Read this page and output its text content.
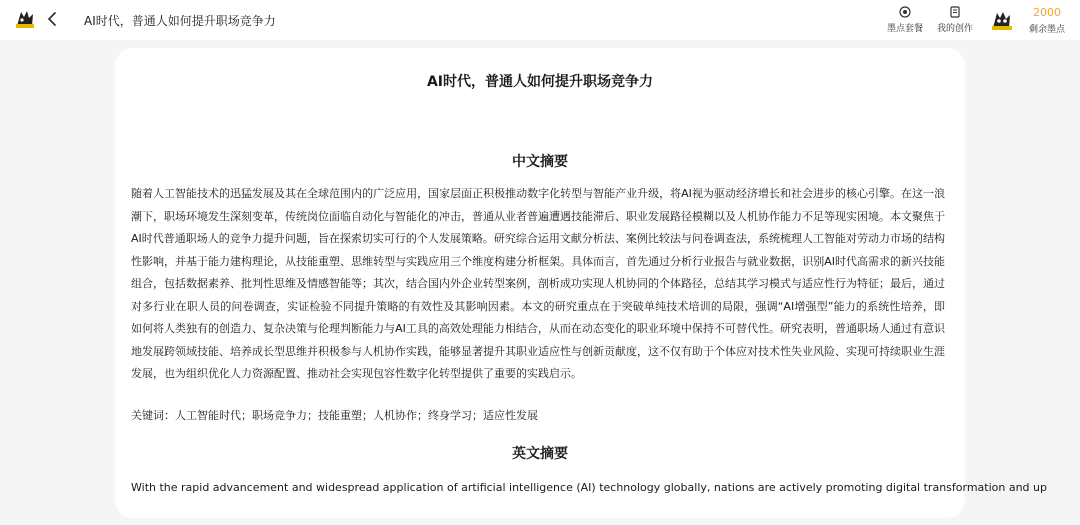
AI时代，普通人如何提升职场竞争力
墨点套餐	我的创作
2000
剩余墨点
AI时代，普通人如何提升职场竞争力
中文摘要

随着人工智能技术的迅猛发展及其在全球范围内的广泛应用，国家层面正积极推动数字化转型与智能产业升级，将AI视为驱动经济增长和社会进步的核心引擎。在这一浪潮下，职场环境发生深刻变革，传统岗位面临自动化与智能化的冲击，普通从业者普遍遭遇技能滞后、职业发展路径模糊以及人机协作能力不足等现实困境。本文聚焦于AI时代普通职场人的竞争力提升问题，旨在探索切实可行的个人发展策略。研究综合运用文献分析法、案例比较法与问卷调查法，系统梳理人工智能对劳动力市场的结构性影响，并基于能力建构理论，从技能重塑、思维转型与实践应用三个维度构建分析框架。具体而言，首先通过分析行业报告与就业数据，识别AI时代高需求的新兴技能组合，包括数据素养、批判性思维及情感智能等；其次，结合国内外企业转型案例，剖析成功实现人机协同的个体路径，总结其学习模式与适应性行为特征；最后，通过对多行业在职人员的问卷调查，实证检验不同提升策略的有效性及其影响因素。本文的研究重点在于突破单纯技术培训的局限，强调“AI增强型”能力的系统性培养，即如何将人类独有的创造力、复杂决策与伦理判断能力与AI工具的高效处理能力相结合，从而在动态变化的职业环境中保持不可替代性。研究表明，普通职场人通过有意识地发展跨领域技能、培养成长型思维并积极参与人机协作实践，能够显著提升其职业适应性与创新贡献度，这不仅有助于个体应对技术性失业风险、实现可持续职业生涯发展，也为组织优化人力资源配置、推动社会实现包容性数字化转型提供了重要的实践启示。

关键词：人工智能时代；职场竞争力；技能重塑；人机协作；终身学习；适应性发展
英文摘要

With the rapid advancement and widespread application of artificial intelligence (AI) technology globally, nations are actively promoting digital transformation and up
